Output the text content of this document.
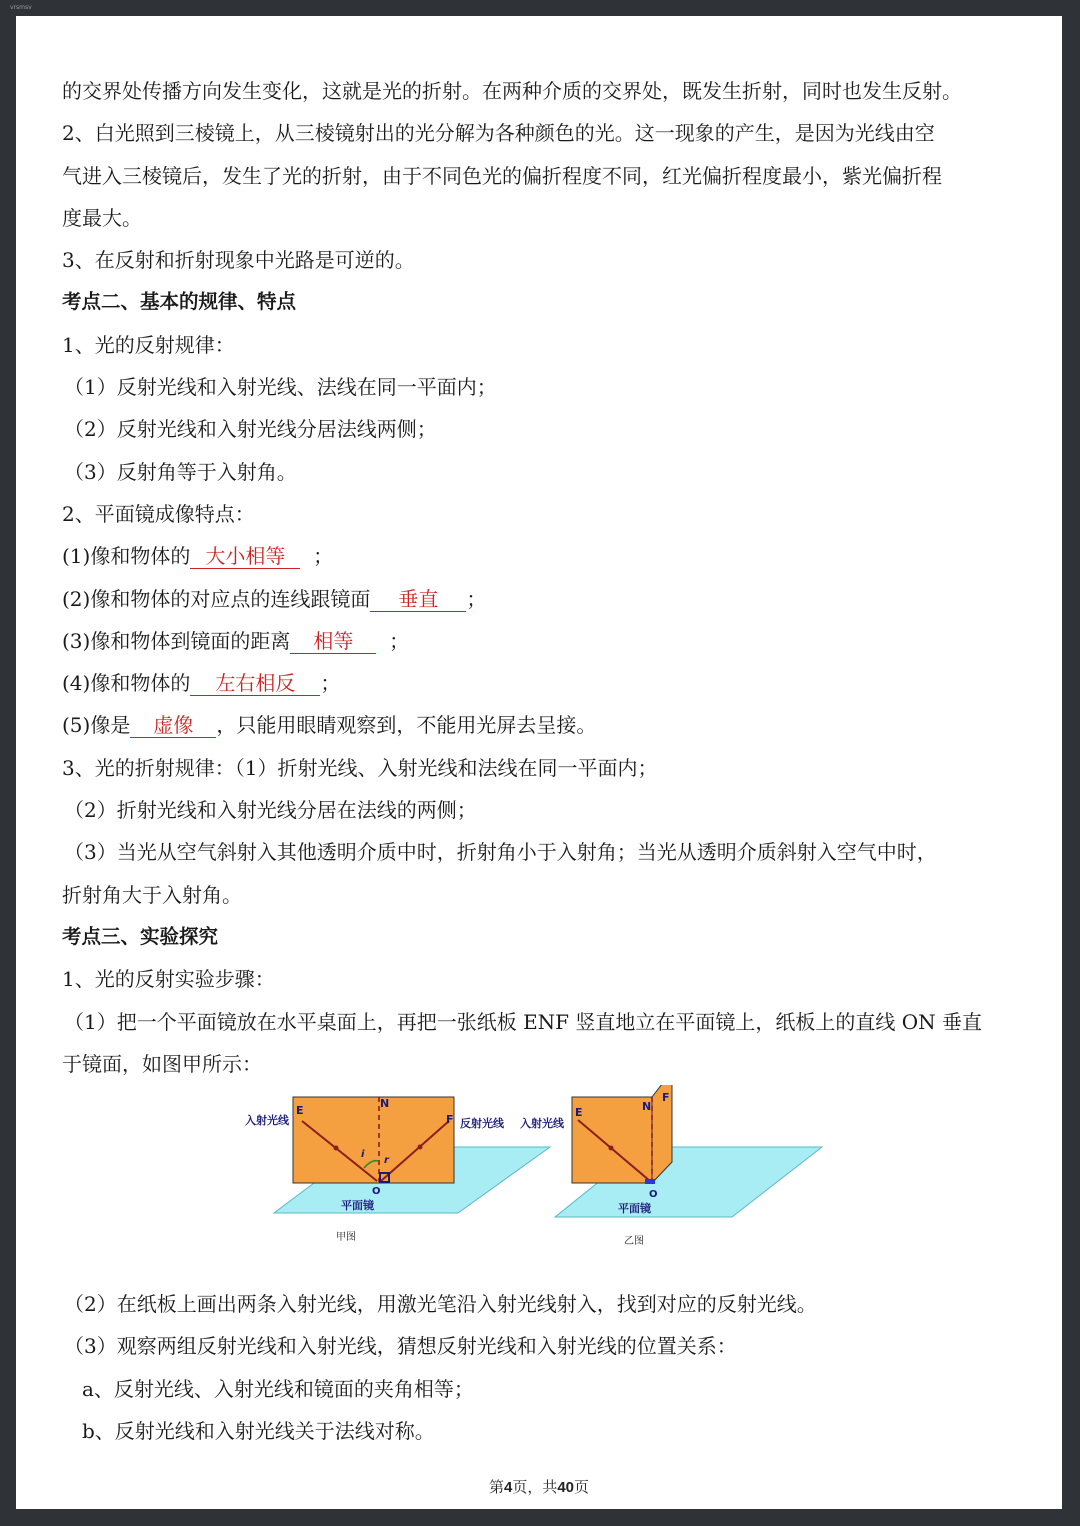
vrsmsv
的交界处传播方向发生变化，这就是光的折射。在两种介质的交界处，既发生折射，同时也发生反射。
2、白光照到三棱镜上，从三棱镜射出的光分解为各种颜色的光。这一现象的产生，是因为光线由空
气进入三棱镜后，发生了光的折射，由于不同色光的偏折程度不同，红光偏折程度最小，紫光偏折程
度最大。
3、在反射和折射现象中光路是可逆的。
考点二、基本的规律、特点
1、光的反射规律：
（1）反射光线和入射光线、法线在同一平面内；
（2）反射光线和入射光线分居法线两侧；
（3）反射角等于入射角。
2、平面镜成像特点：
(1)像和物体的 大小相等 ；
(2)像和物体的对应点的连线跟镜面 垂直 ；
(3)像和物体到镜面的距离 相等 ；
(4)像和物体的 左右相反 ；
(5)像是 虚像 ，只能用眼睛观察到，不能用光屏去呈接。
3、光的折射规律：（1）折射光线、入射光线和法线在同一平面内；
（2）折射光线和入射光线分居在法线的两侧；
（3）当光从空气斜射入其他透明介质中时，折射角小于入射角；当光从透明介质斜射入空气中时，
折射角大于入射角。
考点三、实验探究
1、光的反射实验步骤：
（1）把一个平面镜放在水平桌面上，再把一张纸板 ENF 竖直地立在平面镜上，纸板上的直线 ON 垂直
于镜面，如图甲所示：
入射光线
E
N
F 反射光线
i
r
O
平面镜
甲图
入射光线
E	N
F
O
平面镜
乙图
（2）在纸板上画出两条入射光线，用激光笔沿入射光线射入，找到对应的反射光线。
（3）观察两组反射光线和入射光线，猜想反射光线和入射光线的位置关系：
a、反射光线、入射光线和镜面的夹角相等；
b、反射光线和入射光线关于法线对称。
第4页，共40页
